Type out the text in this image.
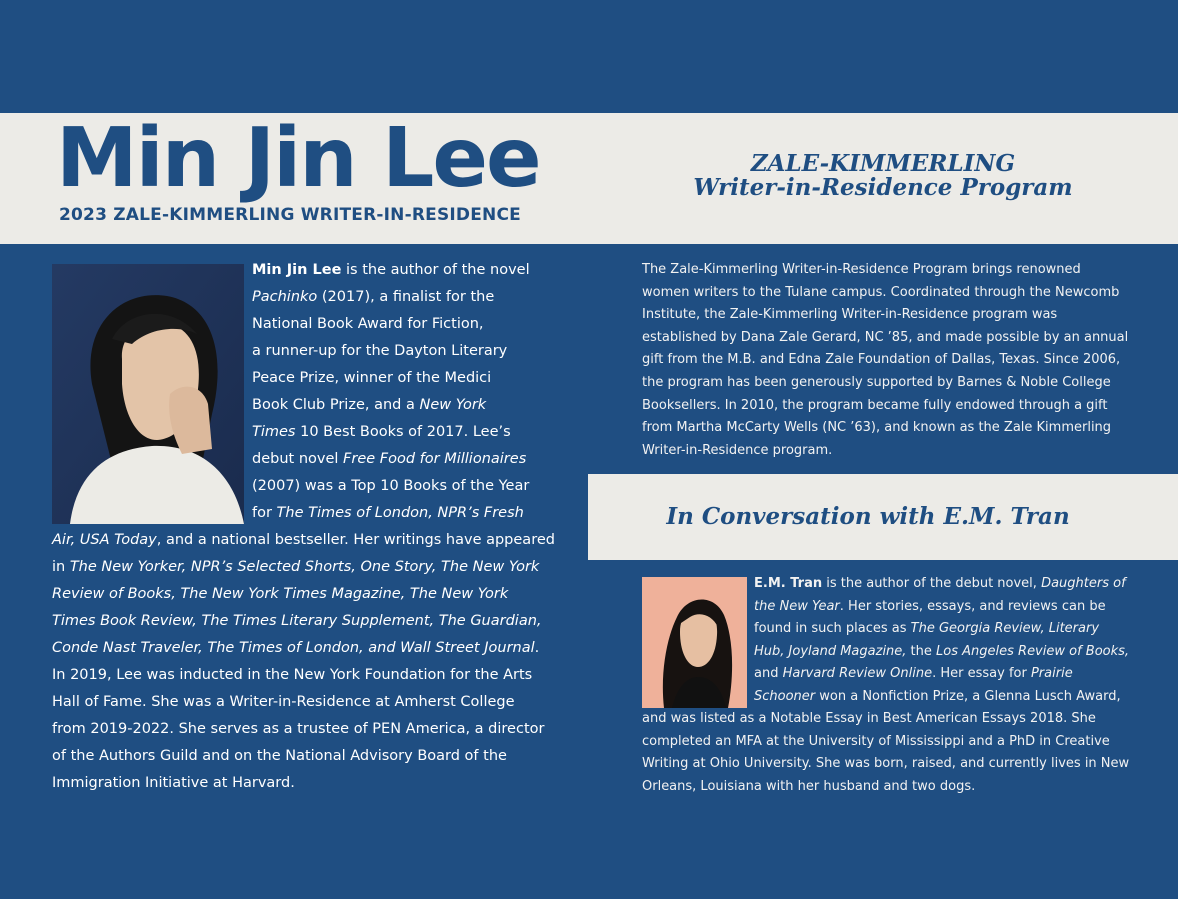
Min Jin Lee
2023 ZALE-KIMMERLING WRITER-IN-RESIDENCE
ZALE-KIMMERLING
Writer-in-Residence Program
Min Jin Lee is the author of the novel
Pachinko (2017), a finalist for the
National Book Award for Fiction,
a runner-up for the Dayton Literary
Peace Prize, winner of the Medici
Book Club Prize, and a New York
Times 10 Best Books of 2017. Lee’s
debut novel Free Food for Millionaires
(2007) was a Top 10 Books of the Year
for The Times of London, NPR’s Fresh
Air, USA Today, and a national bestseller. Her writings have appeared
in The New Yorker, NPR’s Selected Shorts, One Story, The New York
Review of Books, The New York Times Magazine, The New York
Times Book Review, The Times Literary Supplement, The Guardian,
Conde Nast Traveler, The Times of London, and Wall Street Journal.
In 2019, Lee was inducted in the New York Foundation for the Arts
Hall of Fame. She was a Writer-in-Residence at Amherst College
from 2019-2022. She serves as a trustee of PEN America, a director
of the Authors Guild and on the National Advisory Board of the
Immigration Initiative at Harvard.
The Zale-Kimmerling Writer-in-Residence Program brings renowned
women writers to the Tulane campus. Coordinated through the Newcomb
Institute, the Zale-Kimmerling Writer-in-Residence program was
established by Dana Zale Gerard, NC ’85, and made possible by an annual
gift from the M.B. and Edna Zale Foundation of Dallas, Texas. Since 2006,
the program has been generously supported by Barnes & Noble College
Booksellers. In 2010, the program became fully endowed through a gift
from Martha McCarty Wells (NC ’63), and known as the Zale Kimmerling
Writer-in-Residence program.
In Conversation with E.M. Tran
E.M. Tran is the author of the debut novel, Daughters of
the New Year. Her stories, essays, and reviews can be
found in such places as The Georgia Review, Literary
Hub, Joyland Magazine, the Los Angeles Review of Books,
and Harvard Review Online. Her essay for Prairie
Schooner won a Nonfiction Prize, a Glenna Lusch Award,
and was listed as a Notable Essay in Best American Essays 2018. She
completed an MFA at the University of Mississippi and a PhD in Creative
Writing at Ohio University. She was born, raised, and currently lives in New
Orleans, Louisiana with her husband and two dogs.
